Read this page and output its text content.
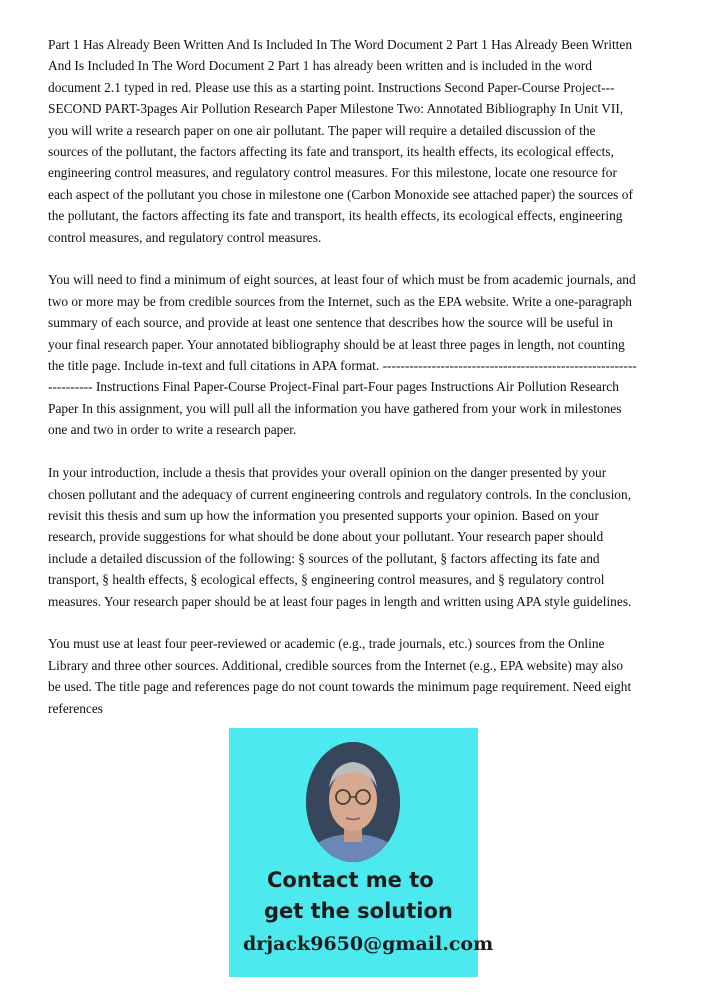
Part 1 Has Already Been Written And Is Included In The Word Document 2 Part 1 Has Already Been Written And Is Included In The Word Document 2 Part 1 has already been written and is included in the word document 2.1 typed in red. Please use this as a starting point. Instructions Second Paper-Course Project--- SECOND PART-3pages Air Pollution Research Paper Milestone Two: Annotated Bibliography In Unit VII, you will write a research paper on one air pollutant. The paper will require a detailed discussion of the sources of the pollutant, the factors affecting its fate and transport, its health effects, its ecological effects, engineering control measures, and regulatory control measures. For this milestone, locate one resource for each aspect of the pollutant you chose in milestone one (Carbon Monoxide see attached paper) the sources of the pollutant, the factors affecting its fate and transport, its health effects, its ecological effects, engineering control measures, and regulatory control measures.

You will need to find a minimum of eight sources, at least four of which must be from academic journals, and two or more may be from credible sources from the Internet, such as the EPA website. Write a one-paragraph summary of each source, and provide at least one sentence that describes how the source will be useful in your final research paper. Your annotated bibliography should be at least three pages in length, not counting the title page. Include in-text and full citations in APA format. ------------------------------------------------------------------- Instructions Final Paper-Course Project-Final part-Four pages Instructions Air Pollution Research Paper In this assignment, you will pull all the information you have gathered from your work in milestones one and two in order to write a research paper.

In your introduction, include a thesis that provides your overall opinion on the danger presented by your chosen pollutant and the adequacy of current engineering controls and regulatory controls. In the conclusion, revisit this thesis and sum up how the information you presented supports your opinion. Based on your research, provide suggestions for what should be done about your pollutant. Your research paper should include a detailed discussion of the following: § sources of the pollutant, § factors affecting its fate and transport, § health effects, § ecological effects, § engineering control measures, and § regulatory control measures. Your research paper should be at least four pages in length and written using APA style guidelines.

You must use at least four peer-reviewed or academic (e.g., trade journals, etc.) sources from the Online Library and three other sources. Additional, credible sources from the Internet (e.g., EPA website) may also be used. The title page and references page do not count towards the minimum page requirement. Need eight references

Contact me to
get the solution
drjack9650@gmail.com
